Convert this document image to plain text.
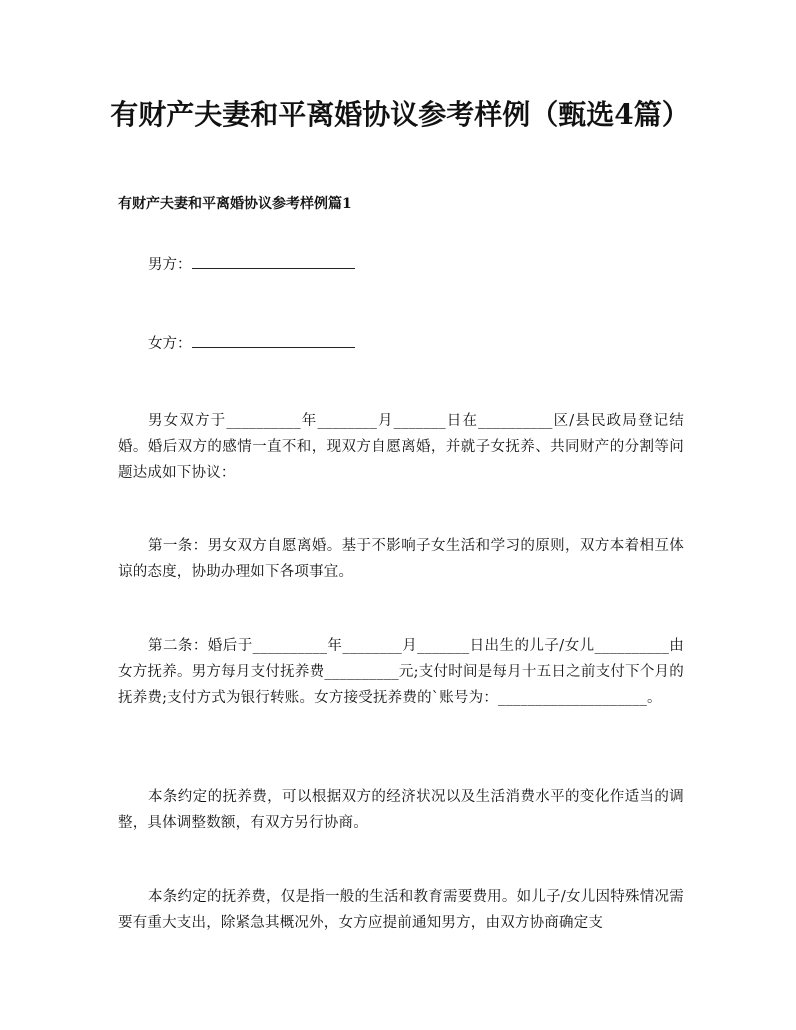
有财产夫妻和平离婚协议参考样例（甄选4篇）
有财产夫妻和平离婚协议参考样例篇1

男方：

女方：

男女双方于__________年________月_______日在__________区/县民政局登记结婚。婚后双方的感情一直不和，现双方自愿离婚，并就子女抚养、共同财产的分割等问题达成如下协议：

第一条：男女双方自愿离婚。基于不影响子女生活和学习的原则，双方本着相互体谅的态度，协助办理如下各项事宜。

第二条：婚后于__________年________月_______日出生的儿子/女儿__________由女方抚养。男方每月支付抚养费__________元;支付时间是每月十五日之前支付下个月的抚养费;支付方式为银行转账。女方接受抚养费的`账号为：____________________。

本条约定的抚养费，可以根据双方的经济状况以及生活消费水平的变化作适当的调整，具体调整数额，有双方另行协商。

本条约定的抚养费，仅是指一般的生活和教育需要费用。如儿子/女儿因特殊情况需要有重大支出，除紧急其概况外，女方应提前通知男方，由双方协商确定支
